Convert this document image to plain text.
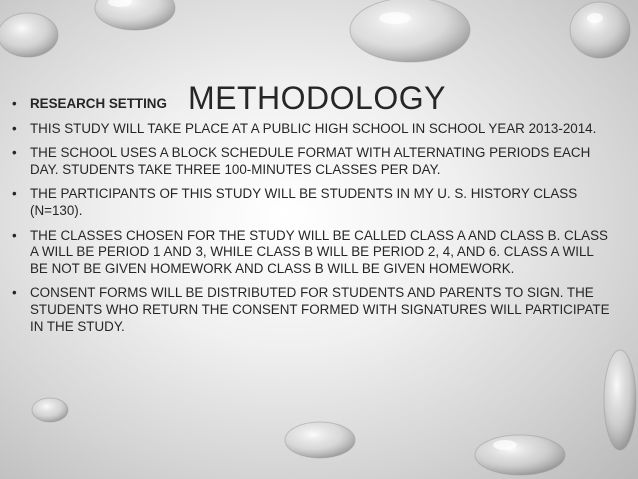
METHODOLOGY
• RESEARCH SETTING
• THIS STUDY WILL TAKE PLACE AT A PUBLIC HIGH SCHOOL IN SCHOOL YEAR 2013-2014.
• THE SCHOOL USES A BLOCK SCHEDULE FORMAT WITH ALTERNATING PERIODS EACH DAY. STUDENTS TAKE THREE 100-MINUTES CLASSES PER DAY.
• THE PARTICIPANTS OF THIS STUDY WILL BE STUDENTS IN MY U. S. HISTORY CLASS (N=130).
• THE CLASSES CHOSEN FOR THE STUDY WILL BE CALLED CLASS A AND CLASS B. CLASS A WILL BE PERIOD 1 AND 3, WHILE CLASS B WILL BE PERIOD 2, 4, AND 6. CLASS A WILL BE NOT BE GIVEN HOMEWORK AND CLASS B WILL BE GIVEN HOMEWORK.
• CONSENT FORMS WILL BE DISTRIBUTED FOR STUDENTS AND PARENTS TO SIGN. THE STUDENTS WHO RETURN THE CONSENT FORMED WITH SIGNATURES WILL PARTICIPATE IN THE STUDY.
